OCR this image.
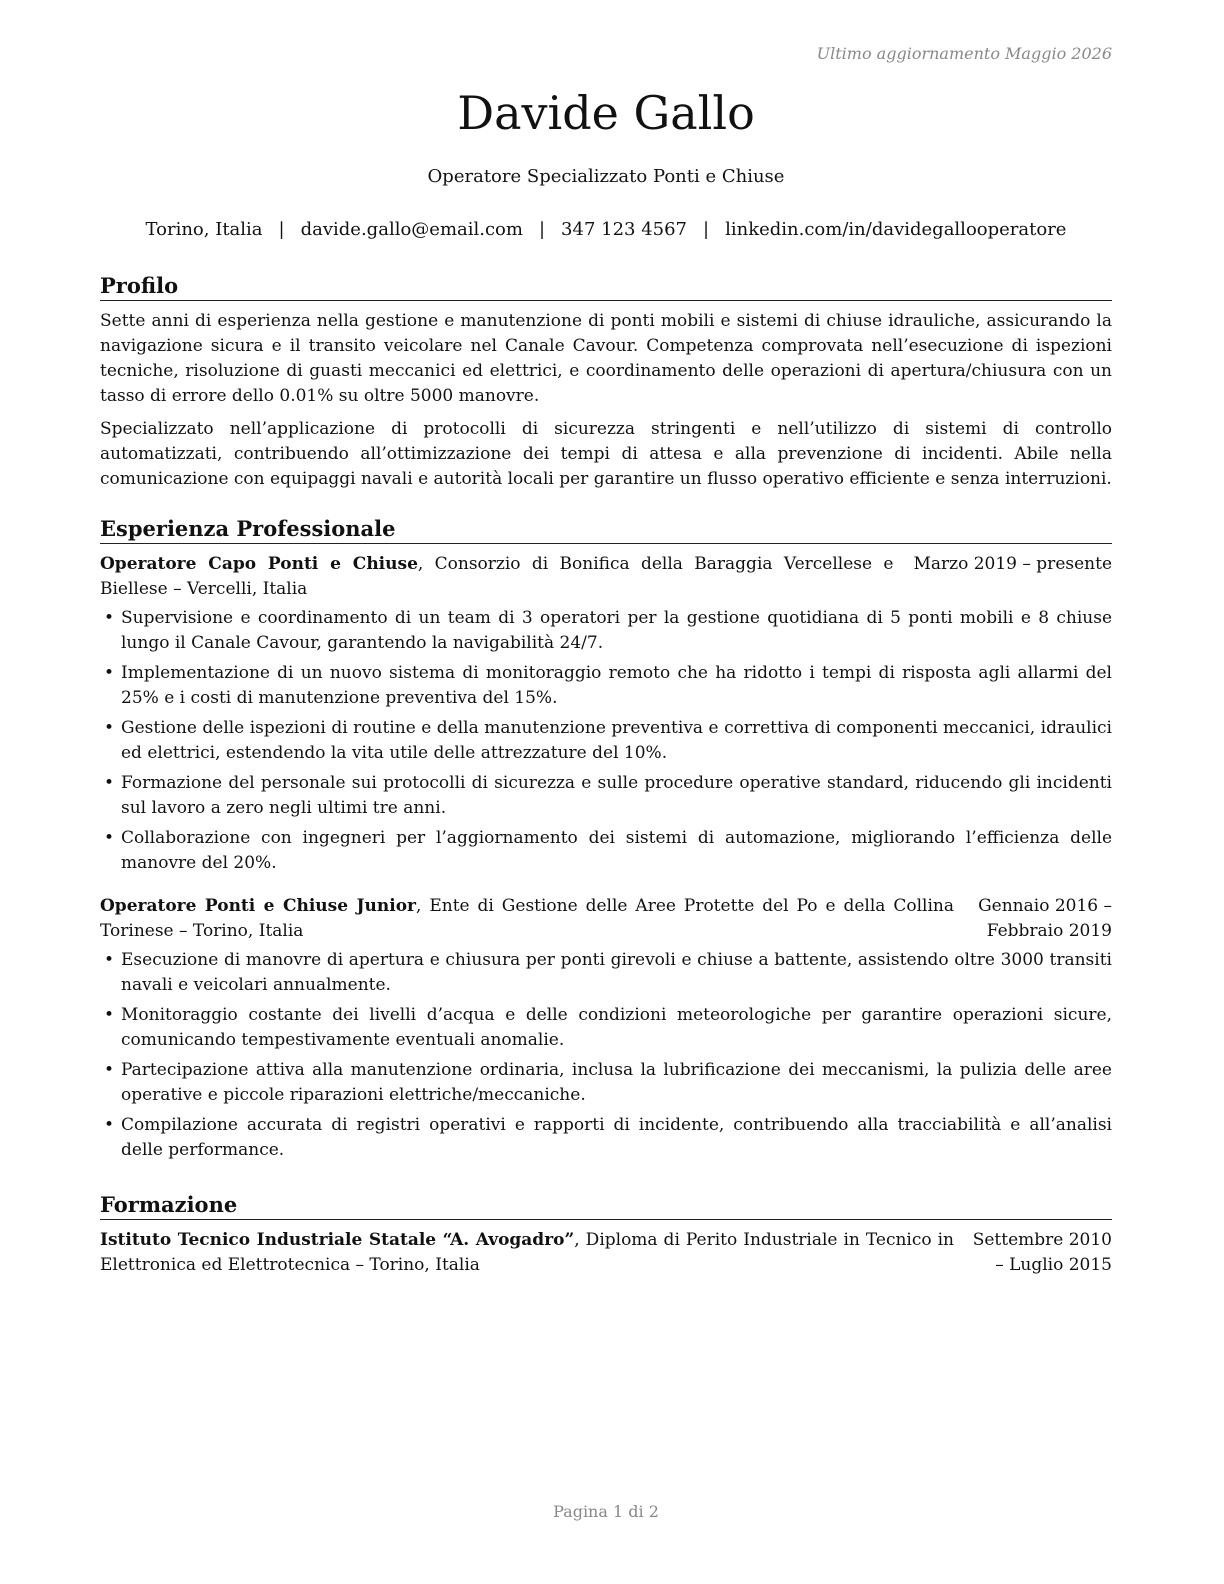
Ultimo aggiornamento Maggio 2026
Davide Gallo
Operatore Specializzato Ponti e Chiuse
Torino, Italia | davide.gallo@email.com | 347 123 4567 | linkedin.com/in/davidegallooperatore
Profilo

Sette anni di esperienza nella gestione e manutenzione di ponti mobili e sistemi di chiuse idrauliche, assicurando la navigazione sicura e il transito veicolare nel Canale Cavour. Competenza comprovata nell’esecuzione di ispezioni tecniche, risoluzione di guasti meccanici ed elettrici, e coordinamento delle operazioni di apertura/chiusura con un tasso di errore dello 0.01% su oltre 5000 manovre.

Specializzato nell’applicazione di protocolli di sicurezza stringenti e nell’utilizzo di sistemi di controllo automatizzati, contribuendo all’ottimizzazione dei tempi di attesa e alla prevenzione di incidenti. Abile nella comunicazione con equipaggi navali e autorità locali per garantire un flusso operativo efficiente e senza interruzioni.

Esperienza Professionale
Operatore Capo Ponti e Chiuse, Consorzio di Bonifica della Baraggia Vercellese e Biellese – Vercelli, Italia
Marzo 2019 – presente
• Supervisione e coordinamento di un team di 3 operatori per la gestione quotidiana di 5 ponti mobili e 8 chiuse lungo il Canale Cavour, garantendo la navigabilità 24/7.
• Implementazione di un nuovo sistema di monitoraggio remoto che ha ridotto i tempi di risposta agli allarmi del 25% e i costi di manutenzione preventiva del 15%.
• Gestione delle ispezioni di routine e della manutenzione preventiva e correttiva di componenti meccanici, idraulici ed elettrici, estendendo la vita utile delle attrezzature del 10%.
• Formazione del personale sui protocolli di sicurezza e sulle procedure operative standard, riducendo gli incidenti sul lavoro a zero negli ultimi tre anni.
• Collaborazione con ingegneri per l’aggiornamento dei sistemi di automazione, migliorando l’efficienza delle manovre del 20%.
Operatore Ponti e Chiuse Junior, Ente di Gestione delle Aree Protette del Po e della Collina Torinese – Torino, Italia
Gennaio 2016 – Febbraio 2019
• Esecuzione di manovre di apertura e chiusura per ponti girevoli e chiuse a battente, assistendo oltre 3000 transiti navali e veicolari annualmente.
• Monitoraggio costante dei livelli d’acqua e delle condizioni meteorologiche per garantire operazioni sicure, comunicando tempestivamente eventuali anomalie.
• Partecipazione attiva alla manutenzione ordinaria, inclusa la lubrificazione dei meccanismi, la pulizia delle aree operative e piccole riparazioni elettriche/meccaniche.
• Compilazione accurata di registri operativi e rapporti di incidente, contribuendo alla tracciabilità e all’analisi delle performance.
Formazione
Istituto Tecnico Industriale Statale “A. Avogadro”, Diploma di Perito Industriale in Tecnico in Elettronica ed Elettrotecnica – Torino, Italia
Settembre 2010 – Luglio 2015
Pagina 1 di 2
